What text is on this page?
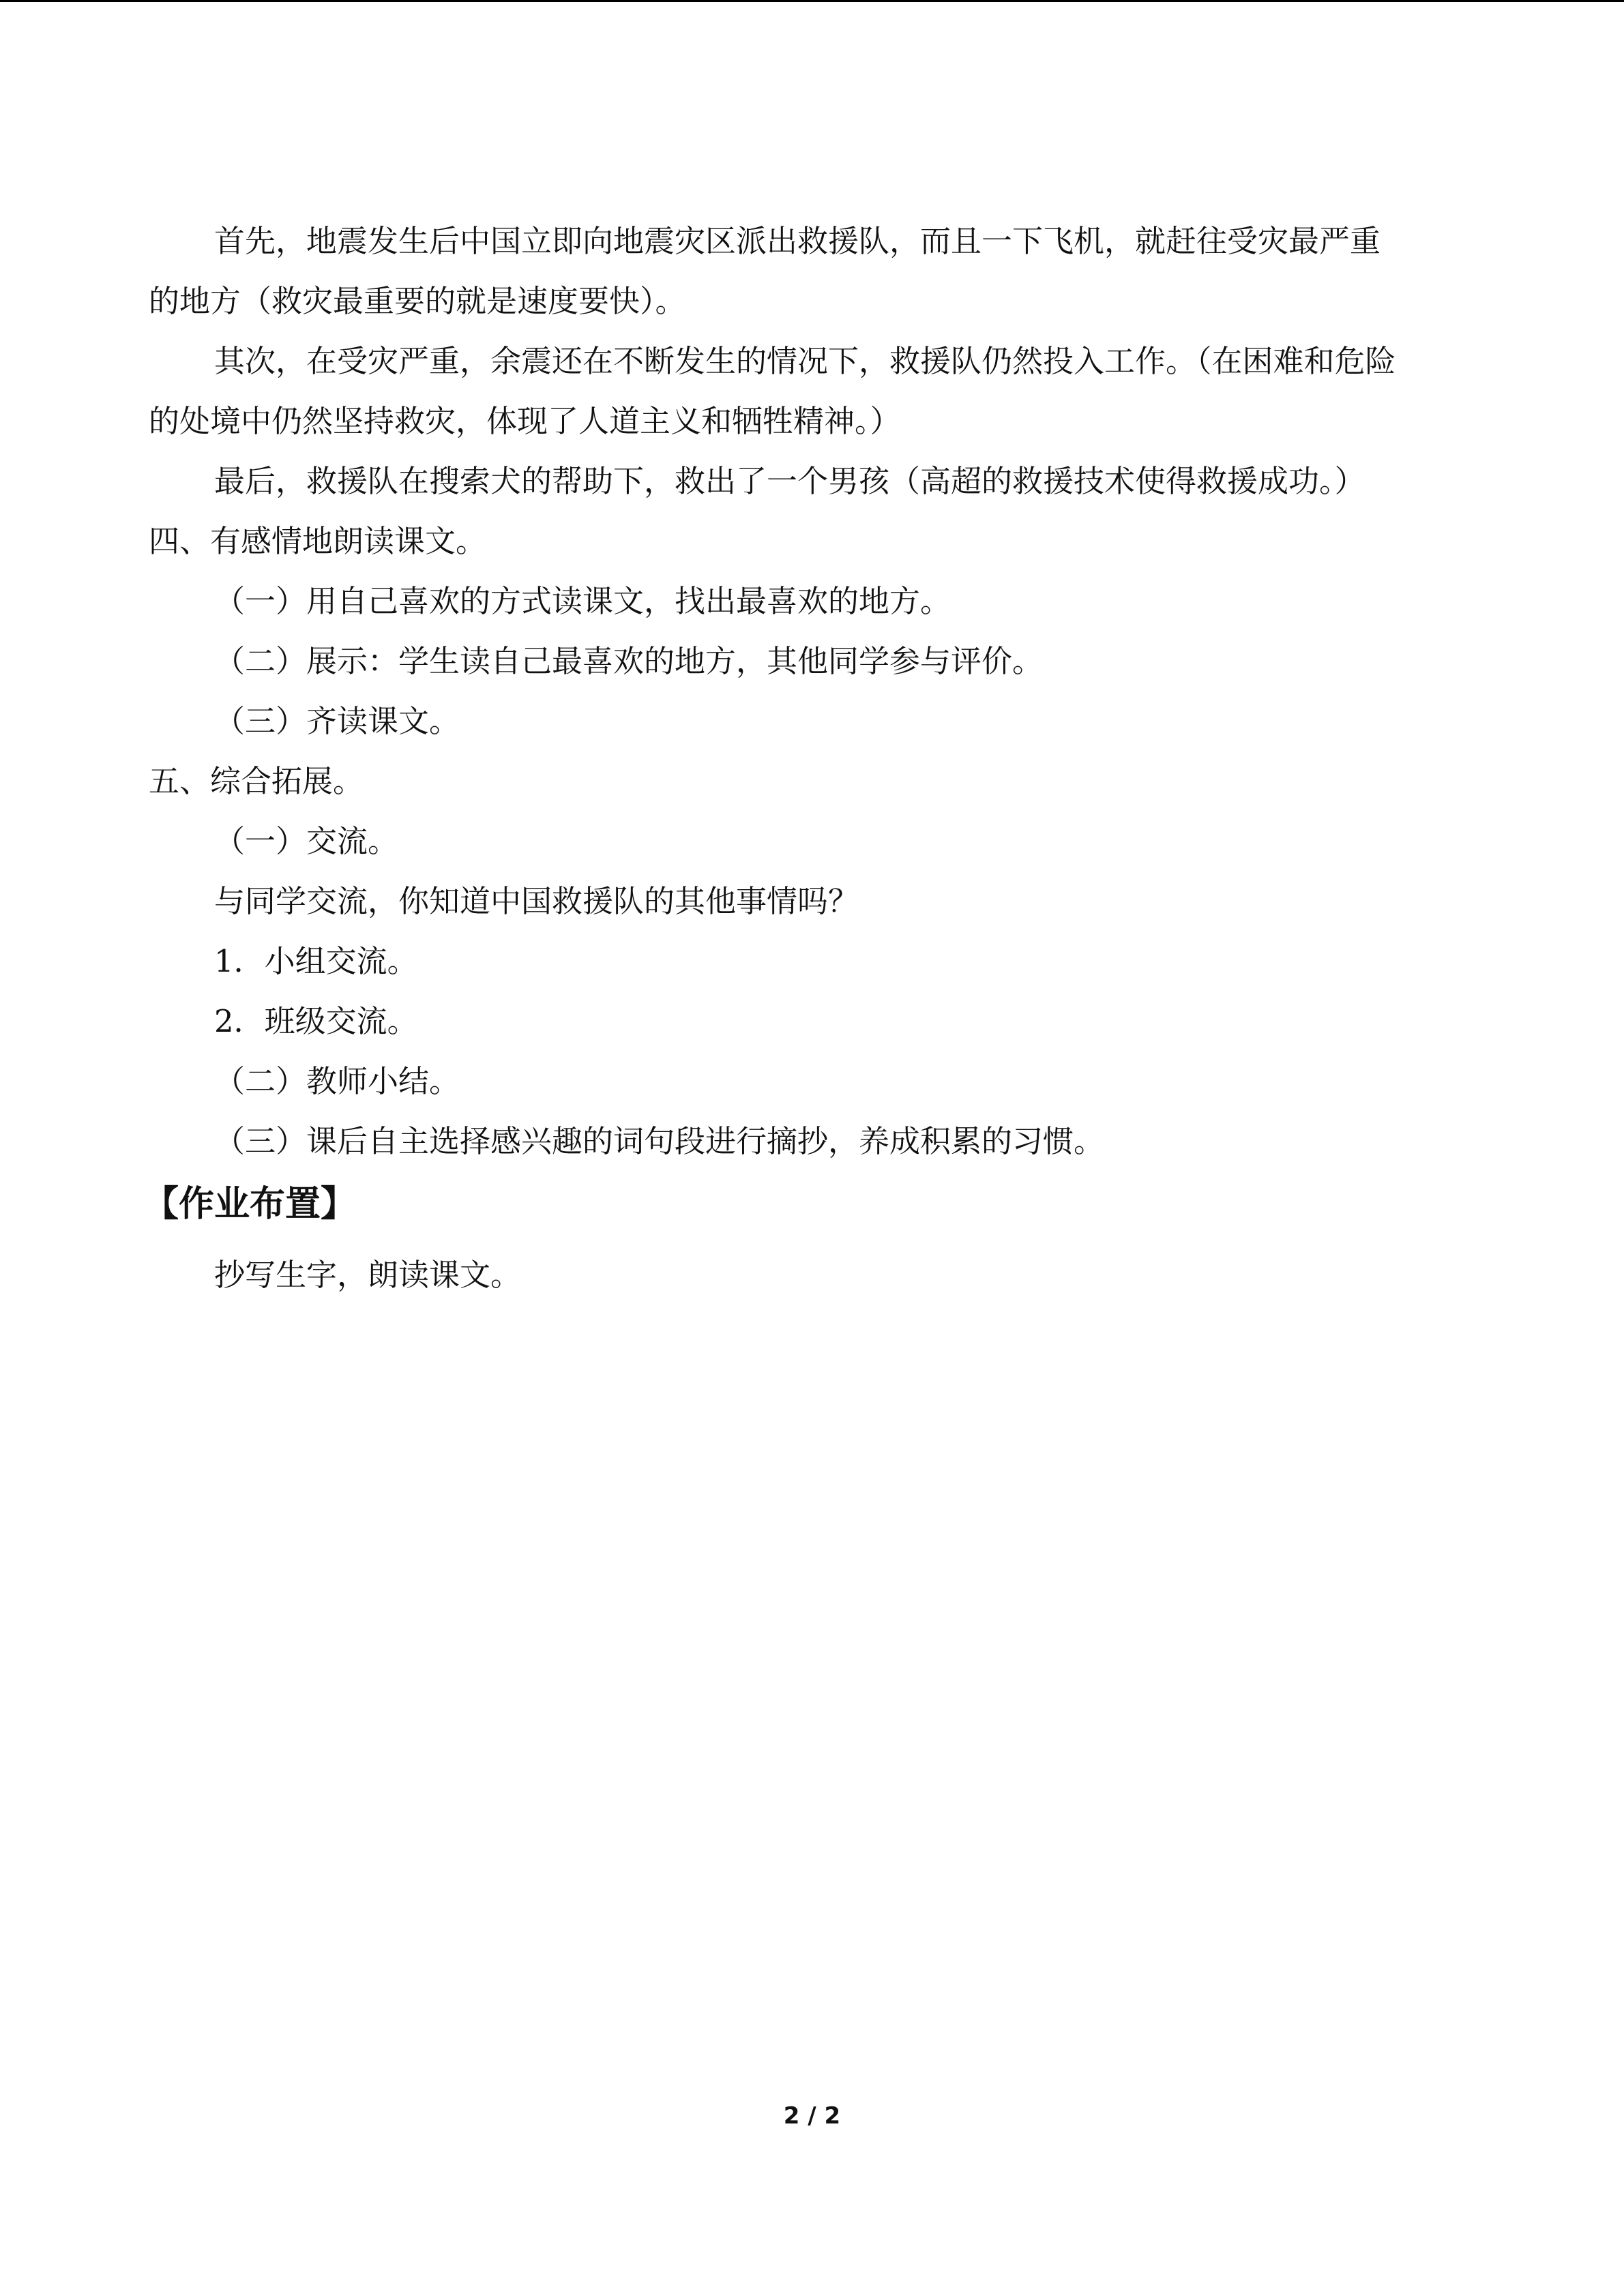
首先，地震发生后中国立即向地震灾区派出救援队，而且一下飞机，就赶往受灾最严重
的地方（救灾最重要的就是速度要快）。
其次，在受灾严重，余震还在不断发生的情况下，救援队仍然投入工作。（在困难和危险
的处境中仍然坚持救灾，体现了人道主义和牺牲精神。）
最后，救援队在搜索犬的帮助下，救出了一个男孩（高超的救援技术使得救援成功。）
四、有感情地朗读课文。
（一）用自己喜欢的方式读课文，找出最喜欢的地方。
（二）展示：学生读自己最喜欢的地方，其他同学参与评价。
（三）齐读课文。
五、综合拓展。
（一）交流。
与同学交流，你知道中国救援队的其他事情吗？
1．小组交流。
2．班级交流。
（二）教师小结。
（三）课后自主选择感兴趣的词句段进行摘抄，养成积累的习惯。
【作业布置】
抄写生字，朗读课文。
2 / 2
